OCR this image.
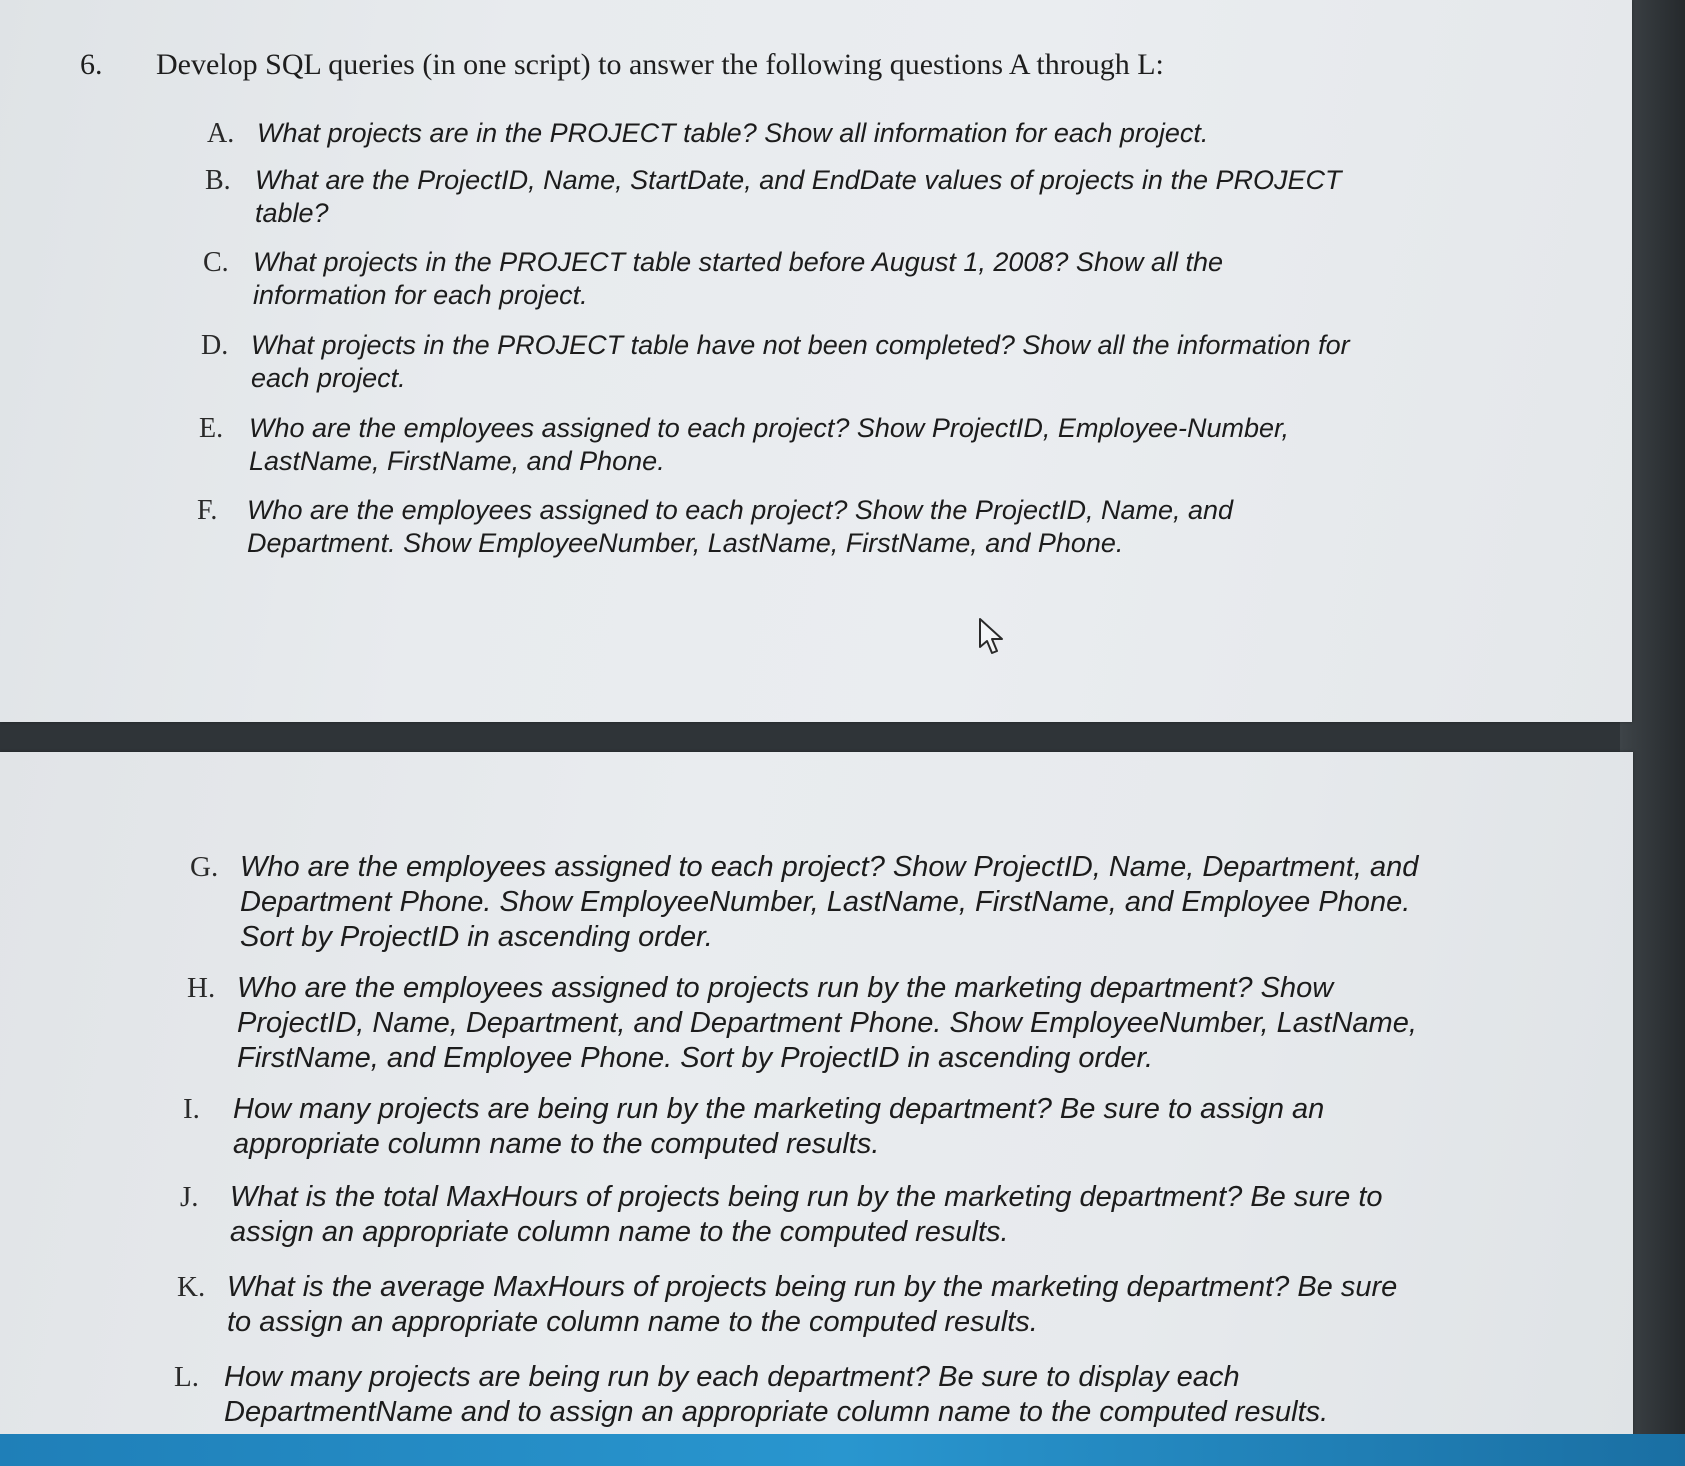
6. Develop SQL queries (in one script) to answer the following questions A through L:
A. What projects are in the PROJECT table? Show all information for each project.
B. What are the ProjectID, Name, StartDate, and EndDate values of projects in the PROJECT
table?
C. What projects in the PROJECT table started before August 1, 2008? Show all the
information for each project.
D. What projects in the PROJECT table have not been completed? Show all the information for
each project.
E. Who are the employees assigned to each project? Show ProjectID, Employee-Number,
LastName, FirstName, and Phone.
F. Who are the employees assigned to each project? Show the ProjectID, Name, and
Department. Show EmployeeNumber, LastName, FirstName, and Phone.
G. Who are the employees assigned to each project? Show ProjectID, Name, Department, and
Department Phone. Show EmployeeNumber, LastName, FirstName, and Employee Phone.
Sort by ProjectID in ascending order.
H. Who are the employees assigned to projects run by the marketing department? Show
ProjectID, Name, Department, and Department Phone. Show EmployeeNumber, LastName,
FirstName, and Employee Phone. Sort by ProjectID in ascending order.
I. How many projects are being run by the marketing department? Be sure to assign an
appropriate column name to the computed results.
J. What is the total MaxHours of projects being run by the marketing department? Be sure to
assign an appropriate column name to the computed results.
K. What is the average MaxHours of projects being run by the marketing department? Be sure
to assign an appropriate column name to the computed results.
L. How many projects are being run by each department? Be sure to display each
DepartmentName and to assign an appropriate column name to the computed results.
